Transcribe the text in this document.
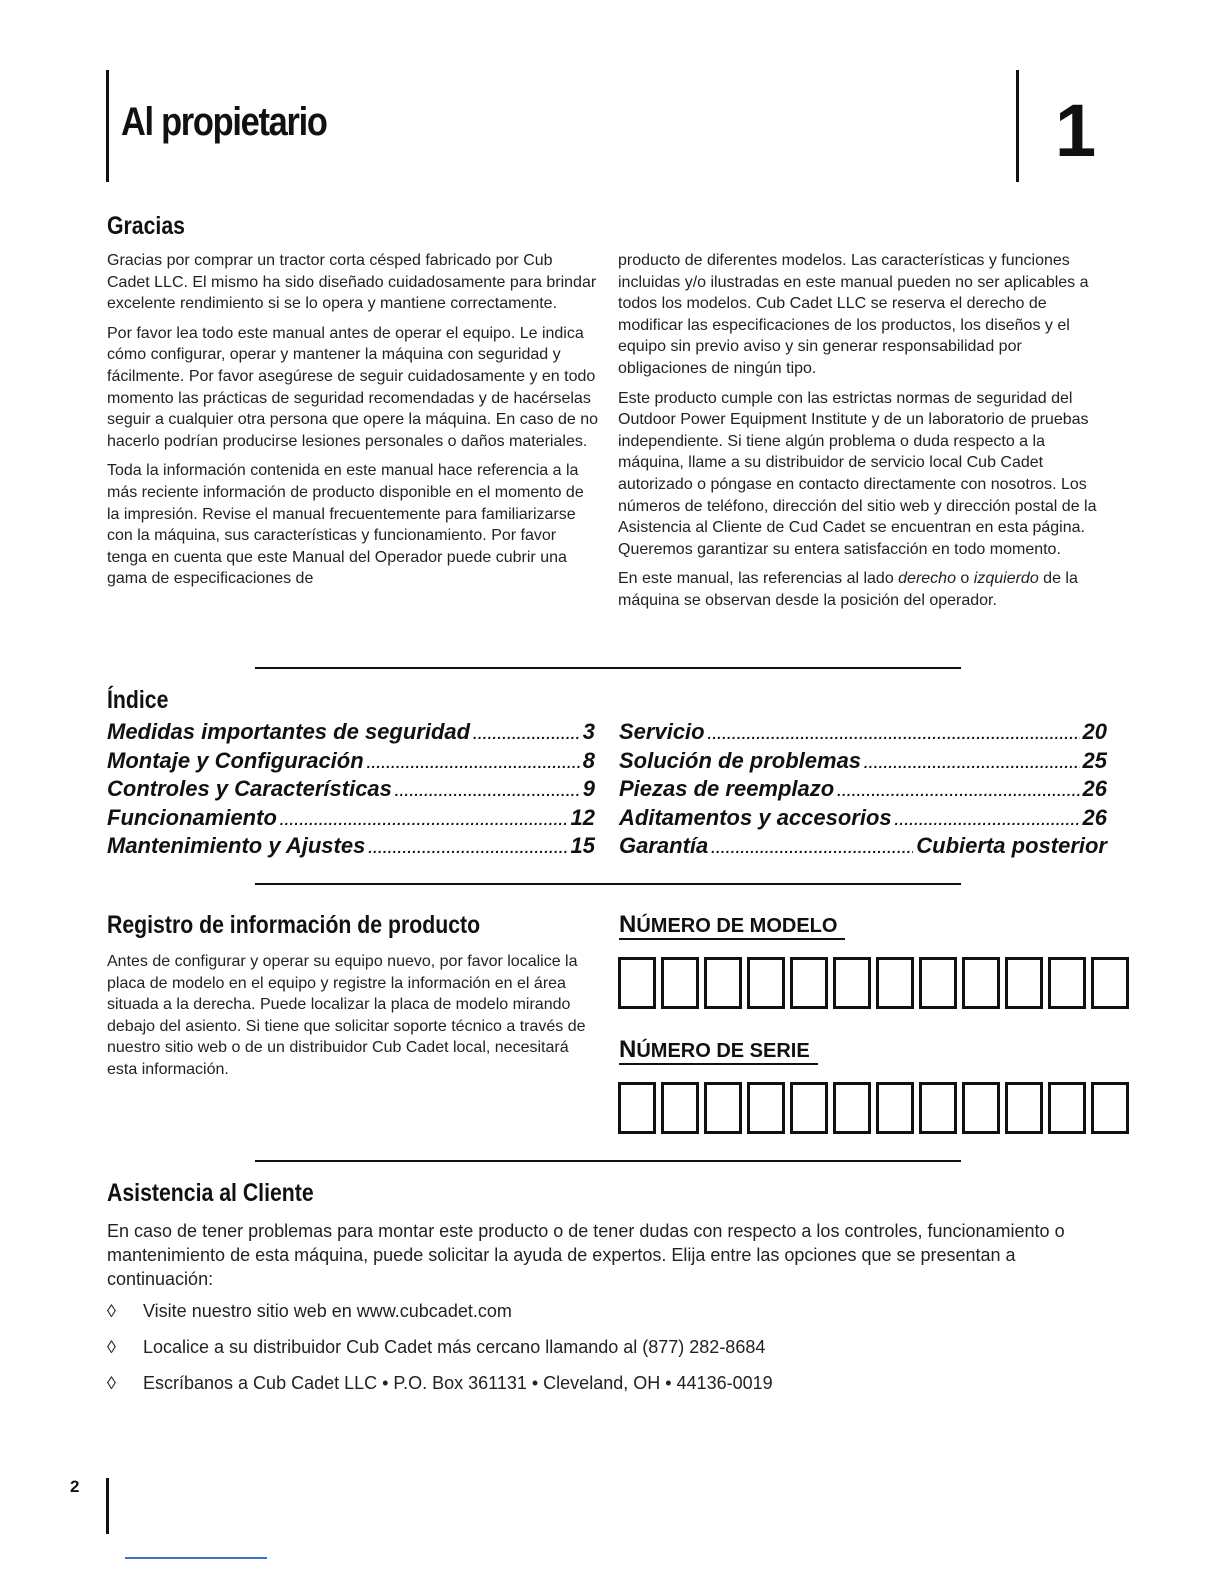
Al propietario	1
Gracias

Gracias por comprar un tractor corta césped fabricado por Cub Cadet LLC. El mismo ha sido diseñado cuidadosamente para brindar excelente rendimiento si se lo opera y mantiene correctamente.

Por favor lea todo este manual antes de operar el equipo. Le indica cómo configurar, operar y mantener la máquina con seguridad y fácilmente. Por favor asegúrese de seguir cuidadosamente y en todo momento las prácticas de seguridad recomendadas y de hacérselas seguir a cualquier otra persona que opere la máquina. En caso de no hacerlo podrían producirse lesiones personales o daños materiales.

Toda la información contenida en este manual hace referencia a la más reciente información de producto disponible en el momento de la impresión. Revise el manual frecuentemente para familiarizarse con la máquina, sus características y funcionamiento. Por favor tenga en cuenta que este Manual del Operador puede cubrir una gama de especificaciones de

producto de diferentes modelos. Las características y funciones incluidas y/o ilustradas en este manual pueden no ser aplicables a todos los modelos. Cub Cadet LLC se reserva el derecho de modificar las especificaciones de los productos, los diseños y el equipo sin previo aviso y sin generar responsabilidad por obligaciones de ningún tipo.

Este producto cumple con las estrictas normas de seguridad del Outdoor Power Equipment Institute y de un laboratorio de pruebas independiente. Si tiene algún problema o duda respecto a la máquina, llame a su distribuidor de servicio local Cub Cadet autorizado o póngase en contacto directamente con nosotros. Los números de teléfono, dirección del sitio web y dirección postal de la Asistencia al Cliente de Cud Cadet se encuentran en esta página. Queremos garantizar su entera satisfacción en todo momento.

En este manual, las referencias al lado derecho o izquierdo de la máquina se observan desde la posición del operador.

Índice
Medidas importantes de seguridad .....	3
Montaje y Configuración .....	8
Controles y Características .....	9
Funcionamiento .....	12
Mantenimiento y Ajustes .....	15
Servicio .....	20
Solución de problemas .....	25
Piezas de reemplazo .....	26
Aditamentos y accesorios .....	26
Garantía .....	Cubierta posterior
Registro de información de producto

Antes de configurar y operar su equipo nuevo, por favor localice la placa de modelo en el equipo y registre la información en el área situada a la derecha. Puede localizar la placa de modelo mirando debajo del asiento. Si tiene que solicitar soporte técnico a través de nuestro sitio web o de un distribuidor Cub Cadet local, necesitará esta información.

NÚMERO DE MODELO
NÚMERO DE SERIE
Asistencia al Cliente

En caso de tener problemas para montar este producto o de tener dudas con respecto a los controles, funcionamiento o mantenimiento de esta máquina, puede solicitar la ayuda de expertos. Elija entre las opciones que se presentan a continuación:

◊	Visite nuestro sitio web en www.cubcadet.com
◊	Localice a su distribuidor Cub Cadet más cercano llamando al (877) 282-8684
◊	Escríbanos a Cub Cadet LLC • P.O. Box 361131 • Cleveland, OH • 44136-0019
2
